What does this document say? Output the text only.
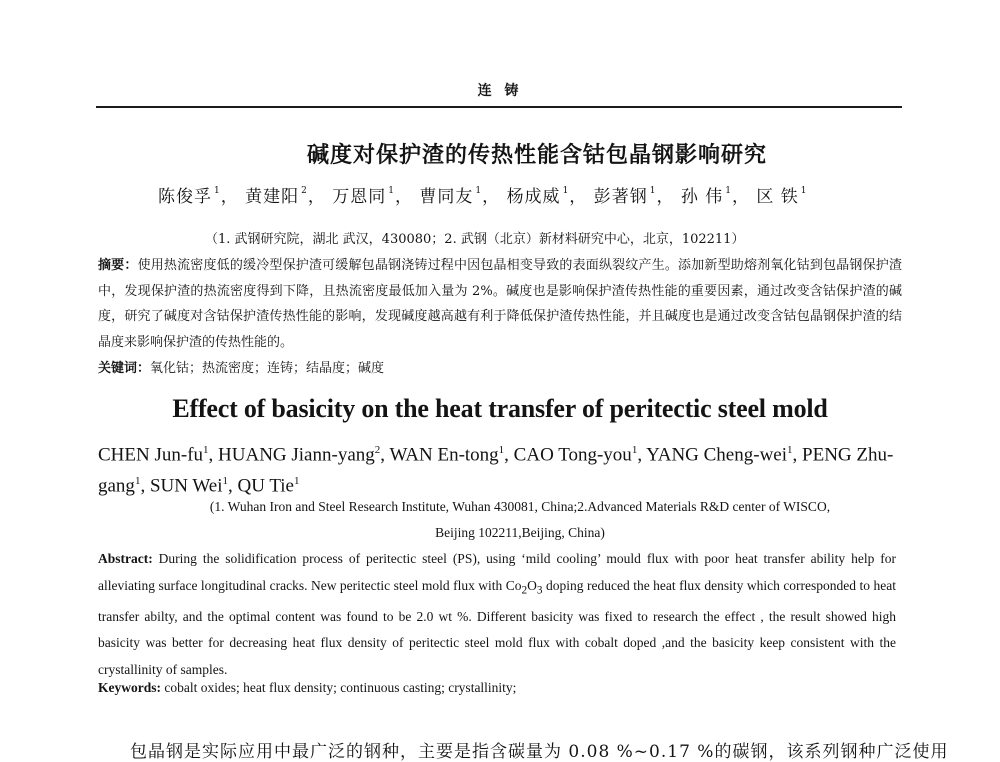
连 铸
碱度对保护渣的传热性能含钴包晶钢影响研究
陈俊孚 $^1$， 黄建阳 $^2$， 万恩同 $^1$， 曹同友 $^1$， 杨成威 $^1$， 彭著钢 $^1$， 孙 伟 $^1$， 区 铁 $^1$
（1. 武钢研究院，湖北 武汉，430080；2. 武钢（北京）新材料研究中心，北京，102211）
摘要：使用热流密度低的缓冷型保护渣可缓解包晶钢浇铸过程中因包晶相变导致的表面纵裂纹产生。添加新型助熔剂氧化钴到包晶钢保护渣中，发现保护渣的热流密度得到下降，且热流密度最低加入量为 2%。碱度也是影响保护渣传热性能的重要因素，通过改变含钴保护渣的碱度，研究了碱度对含钴保护渣传热性能的影响，发现碱度越高越有利于降低保护渣传热性能，并且碱度也是通过改变含钴包晶钢保护渣的结晶度来影响保护渣的传热性能的。
关键词：氧化钴；热流密度；连铸；结晶度；碱度
Effect of basicity on the heat transfer of peritectic steel mold
CHEN Jun-$fu^1$, HUANG Jiann-yang$^2$, WAN En-tong$^1$, CAO Tong-you$^1$, YANG Cheng-wei$^1$, PENG Zhu-gang$^1$, SUN Wei$^1$, QU Tie$^1$
(1. Wuhan Iron and Steel Research Institute, Wuhan 430081, China;2.Advanced Materials R&D center of WISCO,
Beijing 102211,Beijing, China)
Abstract: During the solidification process of peritectic steel (PS), using ‘mild cooling’ mould flux with poor heat transfer ability help for alleviating surface longitudinal cracks. New peritectic steel mold flux with $Co_2O_3$ doping reduced the heat flux density which corresponded to heat transfer abilty, and the optimal content was found to be 2.0 wt %. Different basicity was fixed to research the effect , the result showed high basicity was better for decreasing heat flux density of peritectic steel mold flux with cobalt doped ,and the basicity keep consistent with the crystallinity of samples.
Keywords: cobalt oxides; heat flux density; continuous casting; crystallinity;
包晶钢是实际应用中最广泛的钢种，主要是指含碳量为 0.08 %~0.17 %的碳钢，该系列钢种广泛使用
